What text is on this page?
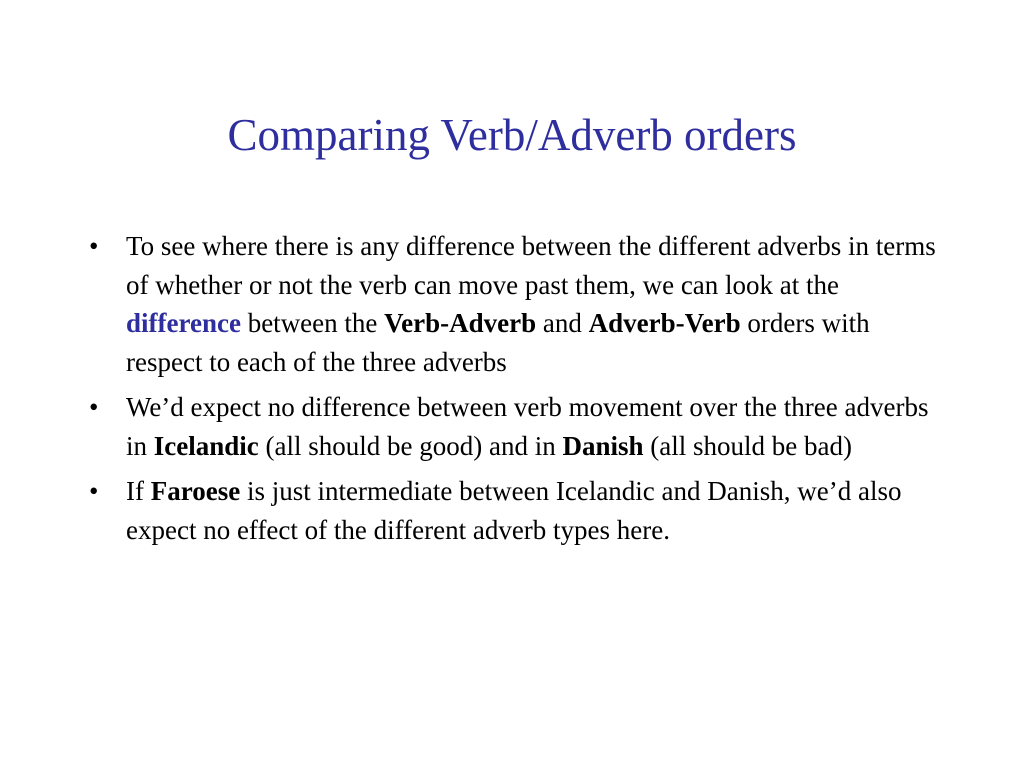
Comparing Verb/Adverb orders
• To see where there is any difference between the different adverbs in terms of whether or not the verb can move past them, we can look at the difference between the Verb-Adverb and Adverb-Verb orders with respect to each of the three adverbs
• We’d expect no difference between verb movement over the three adverbs in Icelandic (all should be good) and in Danish (all should be bad)
• If Faroese is just intermediate between Icelandic and Danish, we’d also expect no effect of the different adverb types here.
